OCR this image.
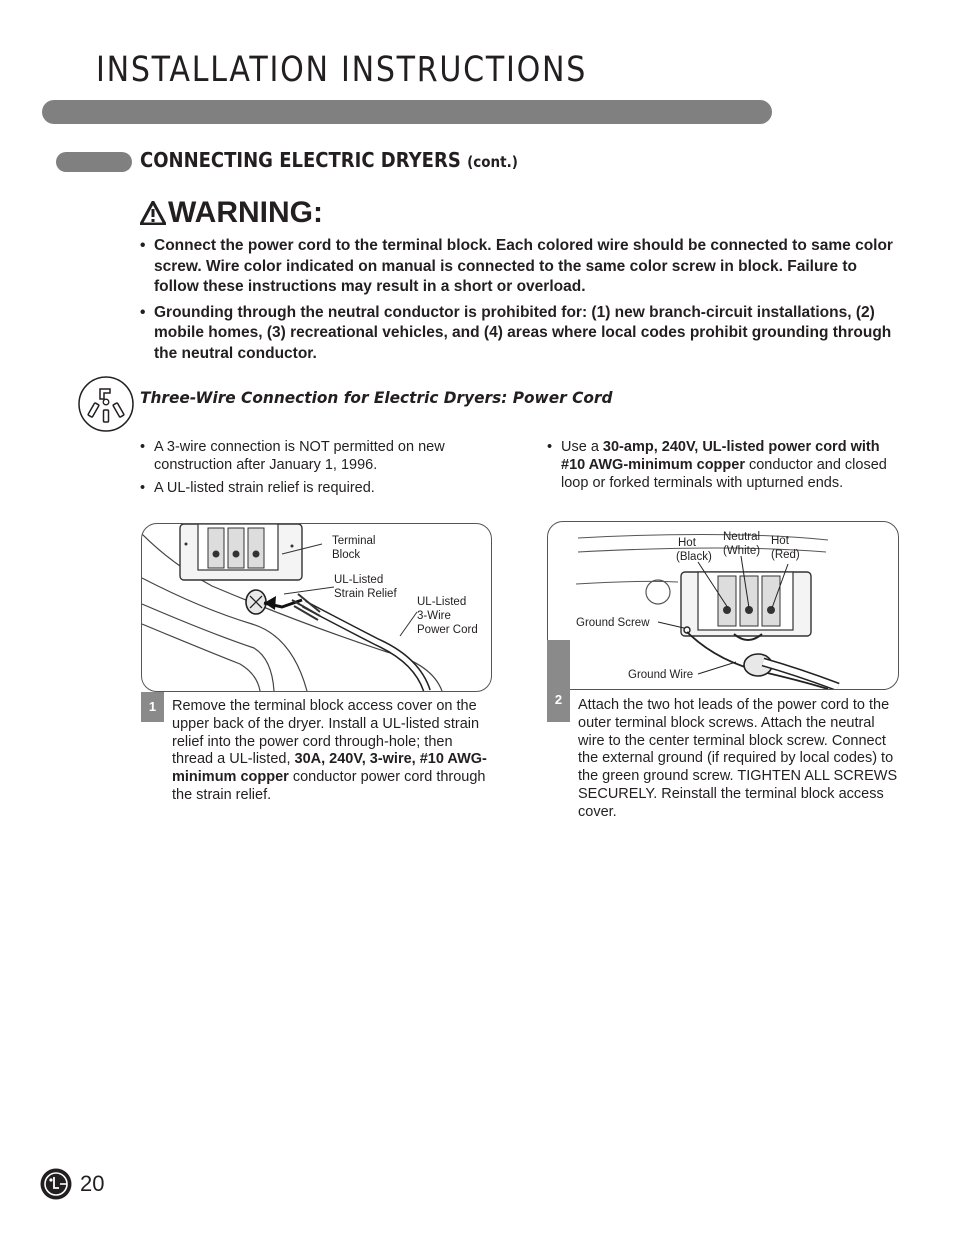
INSTALLATION INSTRUCTIONS
CONNECTING ELECTRIC DRYERS (cont.)
WARNING:
• Connect the power cord to the terminal block. Each colored wire should be connected to same color screw. Wire color indicated on manual is connected to the same color screw in block. Failure to follow these instructions may result in a short or overload.
• Grounding through the neutral conductor is prohibited for: (1) new branch-circuit installations, (2) mobile homes, (3) recreational vehicles, and (4) areas where local codes prohibit grounding through the neutral conductor.
Three-Wire Connection for Electric Dryers: Power Cord
• A 3-wire connection is NOT permitted on new construction after January 1, 1996.
• A UL-listed strain relief is required.
• Use a 30-amp, 240V, UL-listed power cord with #10 AWG-minimum copper conductor and closed loop or forked terminals with upturned ends.
Terminal
Block
UL-Listed
Strain Relief
UL-Listed
3-Wire
Power Cord
1	Remove the terminal block access cover on the upper back of the dryer. Install a UL-listed strain relief into the power cord through-hole; then thread a UL-listed, 30A, 240V, 3-wire, #10 AWG-minimum copper conductor power cord through the strain relief.
Hot
(Black)
Neutral
(White)
Hot
(Red)
Ground Screw
Ground Wire
2	Attach the two hot leads of the power cord to the outer terminal block screws. Attach the neutral wire to the center terminal block screw. Connect the external ground (if required by local codes) to the green ground screw. TIGHTEN ALL SCREWS SECURELY. Reinstall the terminal block access cover.
20
